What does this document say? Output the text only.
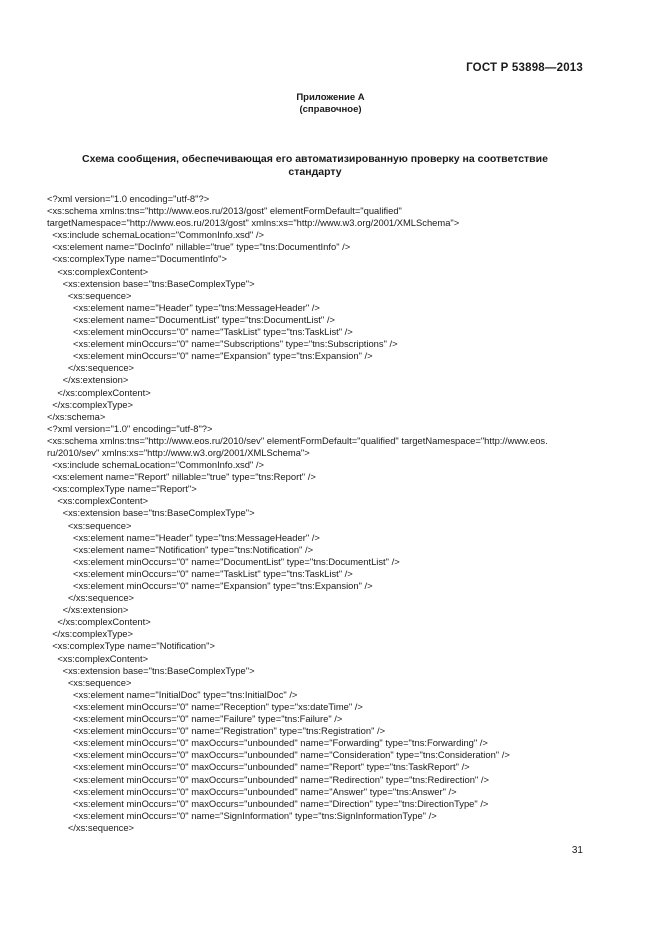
ГОСТ Р 53898—2013
Приложение А
(справочное)
Схема сообщения, обеспечивающая его автоматизированную проверку на соответствие
стандарту
<?xml version="1.0 encoding="utf-8"?>
<xs:schema xmlns:tns="http://www.eos.ru/2013/gost" elementFormDefault="qualified"
targetNamespace="http://www.eos.ru/2013/gost" xmlns:xs="http://www.w3.org/2001/XMLSchema">
<xs:include schemaLocation="CommonInfo.xsd" />
<xs:element name="DocInfo" nillable="true" type="tns:DocumentInfo" />
<xs:complexType name="DocumentInfo">
<xs:complexContent>
<xs:extension base="tns:BaseComplexType">
<xs:sequence>
<xs:element name="Header" type="tns:MessageHeader" />
<xs:element name="DocumentList" type="tns:DocumentList" />
<xs:element minOccurs="0" name="TaskList" type="tns:TaskList" />
<xs:element minOccurs="0" name="Subscriptions" type="tns:Subscriptions" />
<xs:element minOccurs="0" name="Expansion" type="tns:Expansion" />
</xs:sequence>
</xs:extension>
</xs:complexContent>
</xs:complexType>
</xs:schema>
<?xml version="1.0" encoding="utf-8"?>
<xs:schema xmlns:tns="http://www.eos.ru/2010/sev" elementFormDefault="qualified" targetNamespace="http://www.eos.
ru/2010/sev" xmlns:xs="http://www.w3.org/2001/XMLSchema">
<xs:include schemaLocation="CommonInfo.xsd" />
<xs:element name="Report" nillable="true" type="tns:Report" />
<xs:complexType name="Report">
<xs:complexContent>
<xs:extension base="tns:BaseComplexType">
<xs:sequence>
<xs:element name="Header" type="tns:MessageHeader" />
<xs:element name="Notification" type="tns:Notification" />
<xs:element minOccurs="0" name="DocumentList" type="tns:DocumentList" />
<xs:element minOccurs="0" name="TaskList" type="tns:TaskList" />
<xs:element minOccurs="0" name="Expansion" type="tns:Expansion" />
</xs:sequence>
</xs:extension>
</xs:complexContent>
</xs:complexType>
<xs:complexType name="Notification">
<xs:complexContent>
<xs:extension base="tns:BaseComplexType">
<xs:sequence>
<xs:element name="InitialDoc" type="tns:InitialDoc" />
<xs:element minOccurs="0" name="Reception" type="xs:dateTime" />
<xs:element minOccurs="0" name="Failure" type="tns:Failure" />
<xs:element minOccurs="0" name="Registration" type="tns:Registration" />
<xs:element minOccurs="0" maxOccurs="unbounded" name="Forwarding" type="tns:Forwarding" />
<xs:element minOccurs="0" maxOccurs="unbounded" name="Consideration" type="tns:Consideration" />
<xs:element minOccurs="0" maxOccurs="unbounded" name="Report" type="tns:TaskReport" />
<xs:element minOccurs="0" maxOccurs="unbounded" name="Redirection" type="tns:Redirection" />
<xs:element minOccurs="0" maxOccurs="unbounded" name="Answer" type="tns:Answer" />
<xs:element minOccurs="0" maxOccurs="unbounded" name="Direction" type="tns:DirectionType" />
<xs:element minOccurs="0" name="SignInformation" type="tns:SignInformationType" />
</xs:sequence>
31
